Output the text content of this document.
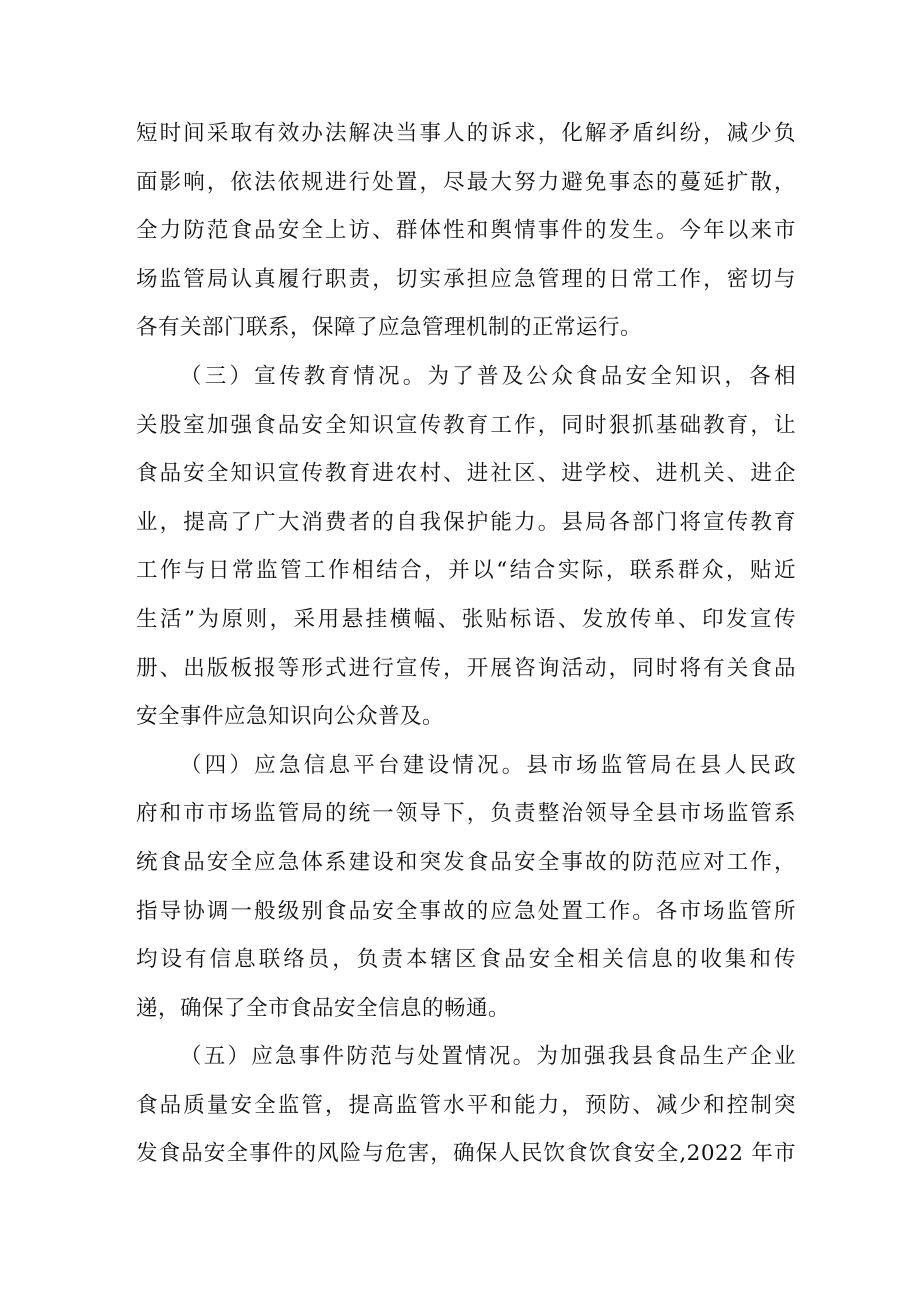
短时间采取有效办法解决当事人的诉求，化解矛盾纠纷，减少负
面影响，依法依规进行处置，尽最大努力避免事态的蔓延扩散，
全力防范食品安全上访、群体性和舆情事件的发生。今年以来市
场监管局认真履行职责，切实承担应急管理的日常工作，密切与
各有关部门联系，保障了应急管理机制的正常运行。
（三）宣传教育情况。为了普及公众食品安全知识，各相
关股室加强食品安全知识宣传教育工作，同时狠抓基础教育，让
食品安全知识宣传教育进农村、进社区、进学校、进机关、进企
业，提高了广大消费者的自我保护能力。县局各部门将宣传教育
工作与日常监管工作相结合，并以“结合实际，联系群众，贴近
生活”为原则，采用悬挂横幅、张贴标语、发放传单、印发宣传
册、出版板报等形式进行宣传，开展咨询活动，同时将有关食品
安全事件应急知识向公众普及。
（四）应急信息平台建设情况。县市场监管局在县人民政
府和市市场监管局的统一领导下，负责整治领导全县市场监管系
统食品安全应急体系建设和突发食品安全事故的防范应对工作，
指导协调一般级别食品安全事故的应急处置工作。各市场监管所
均设有信息联络员，负责本辖区食品安全相关信息的收集和传
递，确保了全市食品安全信息的畅通。
（五）应急事件防范与处置情况。为加强我县食品生产企业
食品质量安全监管，提高监管水平和能力，预防、减少和控制突
发食品安全事件的风险与危害，确保人民饮食饮食安全,2022 年市
